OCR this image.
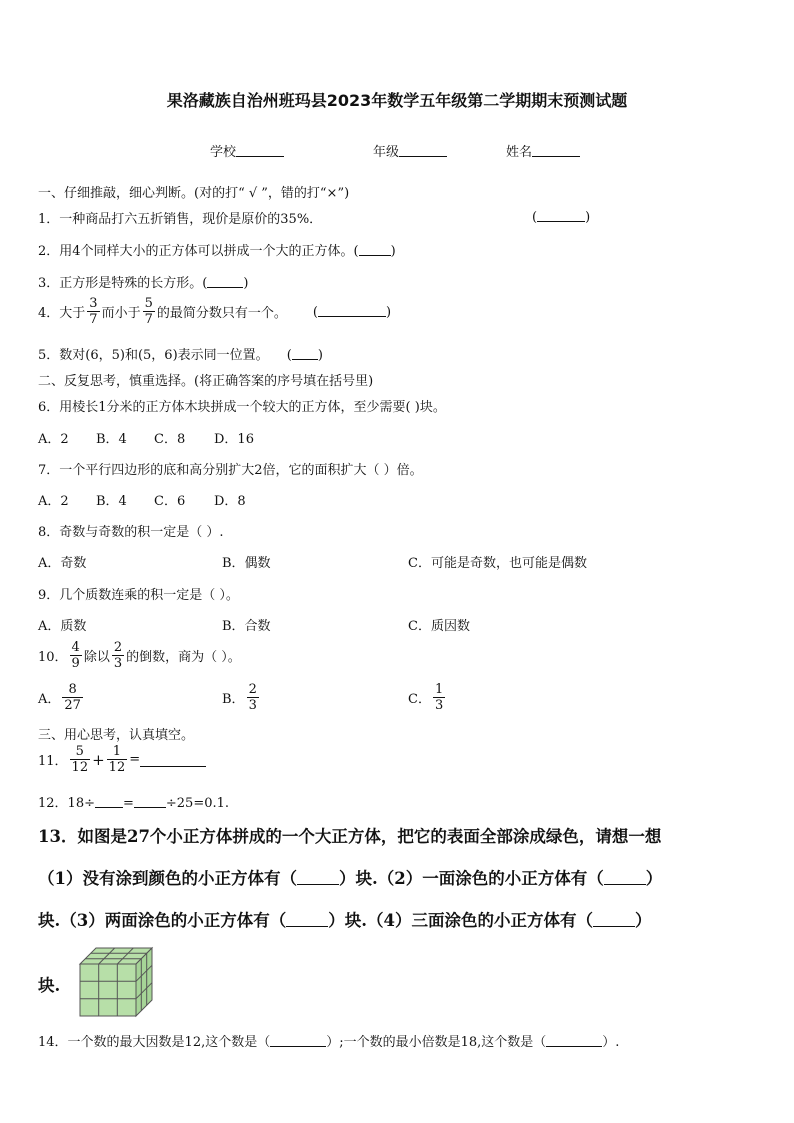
果洛藏族自治州班玛县2023年数学五年级第二学期期末预测试题
学校	年级	姓名
一、仔细推敲，细心判断。(对的打“ √ ”，错的打“×”)
1．一种商品打六五折销售，现价是原价的35%．	(	)
2．用4个同样大小的正方体可以拼成一个大的正方体。( )
3．正方形是特殊的长方形。(	)
4．大于 $\frac{3}{7}$ 而小于 $\frac{5}{7}$ 的最简分数只有一个。 (	)
5．数对(6，5)和(5，6)表示同一位置。 ( )
二、反复思考，慎重选择。(将正确答案的序号填在括号里)
6．用棱长1分米的正方体木块拼成一个较大的正方体，至少需要( )块。
A．2 B．4 C．8 D．16
7．一个平行四边形的底和高分别扩大2倍，它的面积扩大（ ）倍。
A．2 B．4 C．6 D．8
8．奇数与奇数的积一定是（ ）.
A．奇数	B．偶数	C．可能是奇数，也可能是偶数
9．几个质数连乘的积一定是（ ）。
A．质数	B．合数	C．质因数
10． $\frac{4}{9}$ 除以 $\frac{2}{3}$ 的倒数，商为（ ）。
A． $\frac{8}{27}$	B． $\frac{2}{3}$	C． $\frac{1}{3}$
三、用心思考，认真填空。
11． $\frac{5}{12} + \frac{1}{12}$ =
12．18÷ = ÷25=0.1.
13．如图是27个小正方体拼成的一个大正方体，把它的表面全部涂成绿色，请想一想
（1）没有涂到颜色的小正方体有（	）块.（2）一面涂色的小正方体有（	）
块.（3）两面涂色的小正方体有（	）块.（4）三面涂色的小正方体有（	）
块.
14．一个数的最大因数是12,这个数是（	）;一个数的最小倍数是18,这个数是（	）.
